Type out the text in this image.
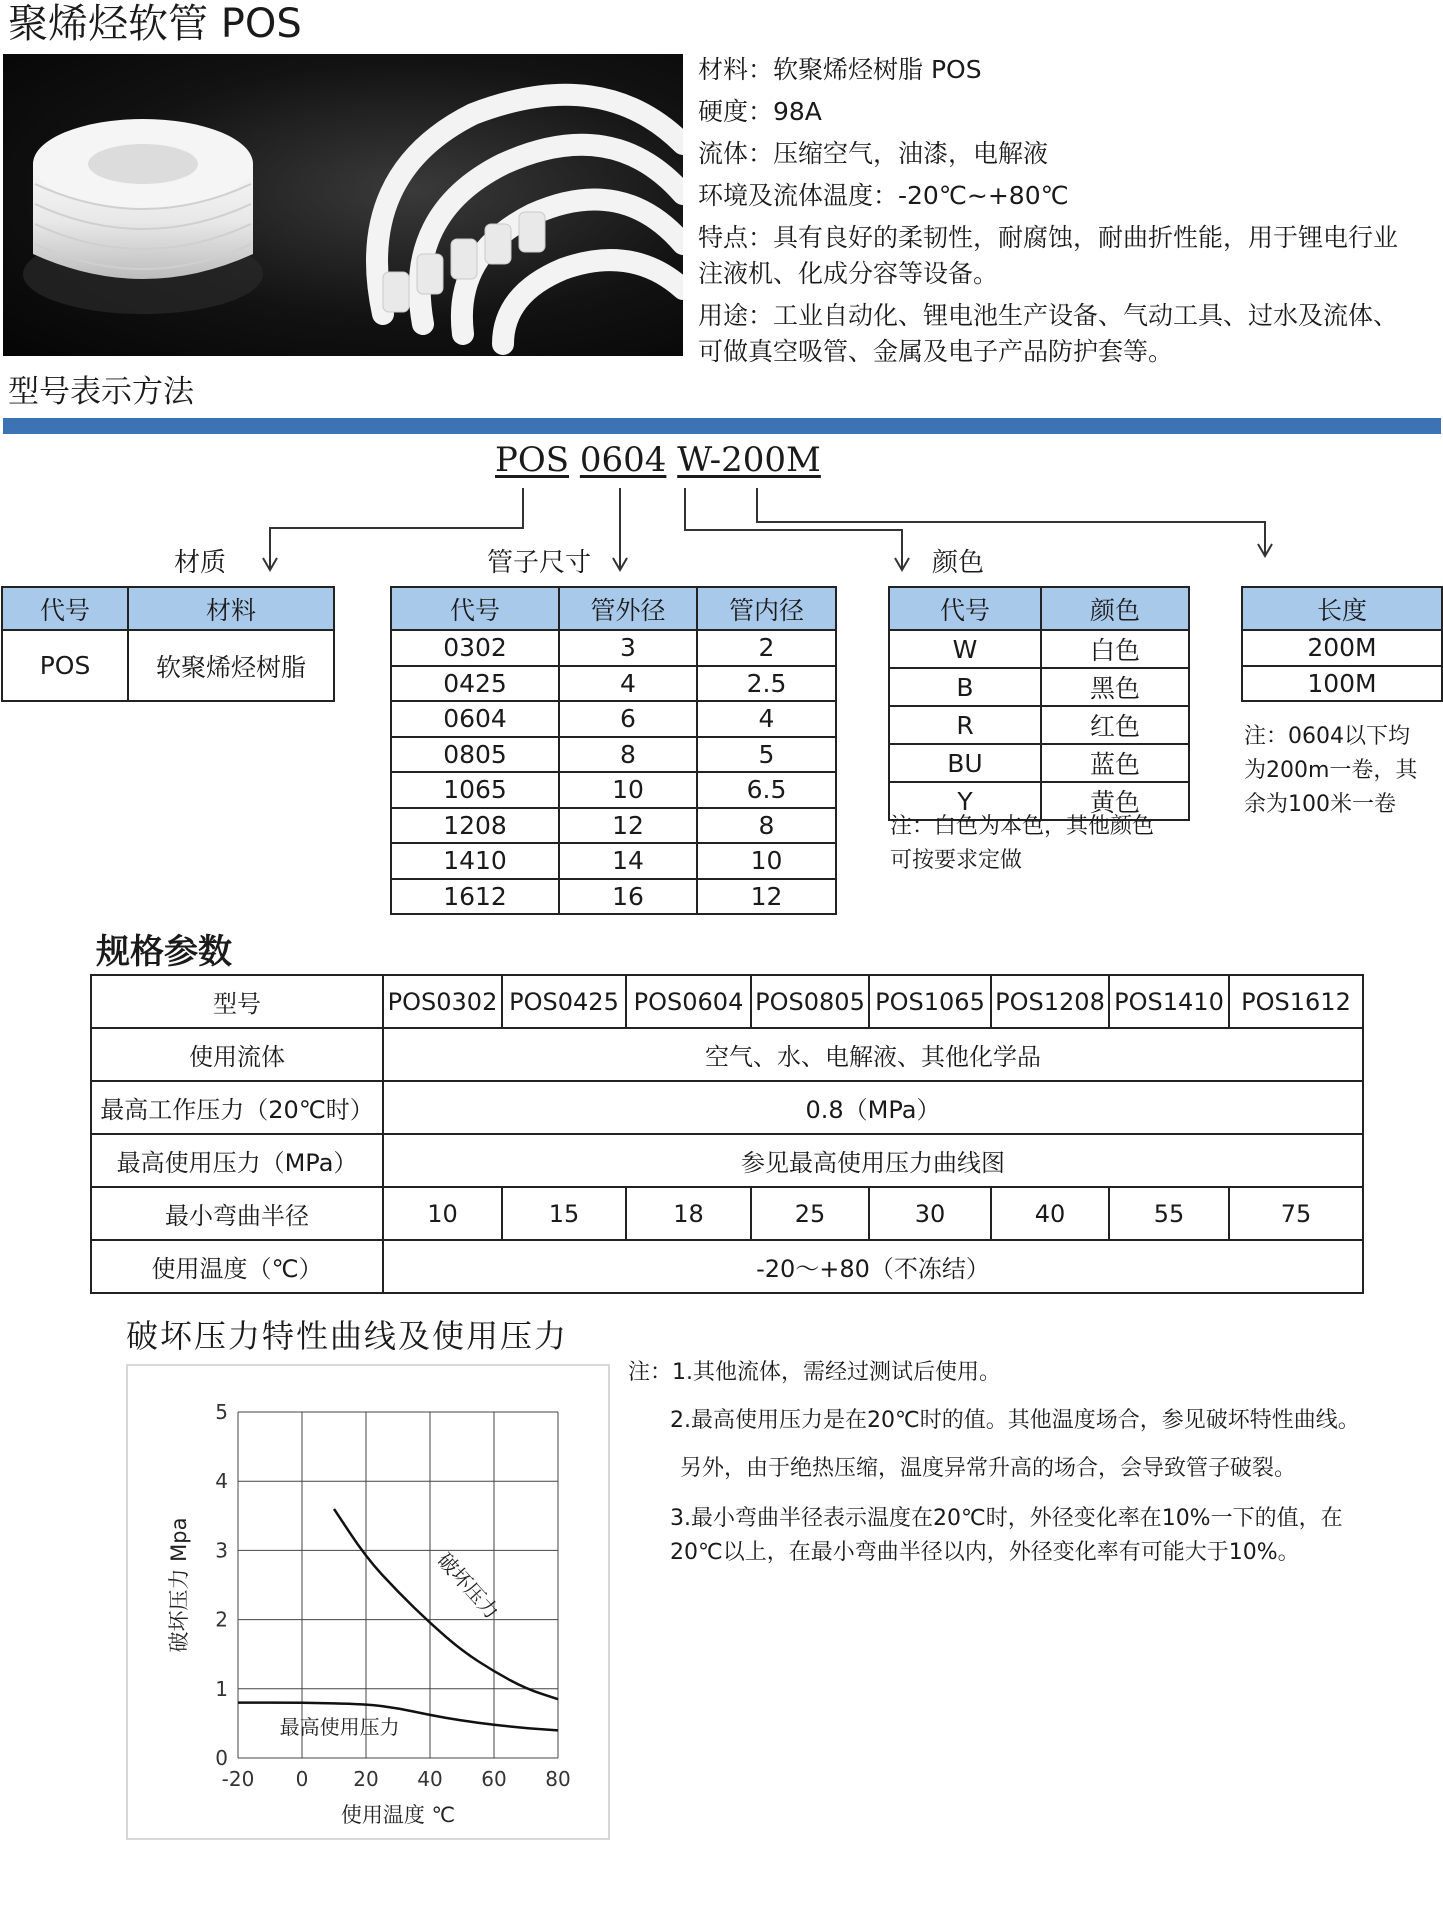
聚烯烃软管 POS
材料：软聚烯烃树脂 POS
硬度：98A
流体：压缩空气，油漆，电解液
环境及流体温度：-20℃~+80℃
特点：具有良好的柔韧性，耐腐蚀，耐曲折性能，用于锂电行业
注液机、化成分容等设备。
用途：工业自动化、锂电池生产设备、气动工具、过水及流体、
可做真空吸管、金属及电子产品防护套等。
型号表示方法
POS 0604 W-200M
材质	管子尺寸	颜色
代号	材料
POS	软聚烯烃树脂
代号	管外径	管内径
0302	3	2
0425	4	2.5
0604	6	4
0805	8	5
1065	10	6.5
1208	12	8
1410	14	10
1612	16	12
代号	颜色
W	白色
B	黑色
R	红色
BU	蓝色
Y	黄色
注：白色为本色，其他颜色
可按要求定做
长度
200M
100M
注：0604以下均
为200m一卷，其
余为100米一卷
规格参数
型号	POS0302	POS0425	POS0604	POS0805	POS1065	POS1208	POS1410	POS1612
使用流体	空气、水、电解液、其他化学品							
最高工作压力（20℃时）	0.8（MPa）							
最高使用压力（MPa）	参见最高使用压力曲线图							
最小弯曲半径	10	15	18	25	30	40	55	75
使用温度（℃）	-20～+80（不冻结）							
破坏压力特性曲线及使用压力
-20 0 20 40 60 80
0
1
2
3
4
5
破坏压力
最高使用压力
使用温度 ℃
破坏压力 Mpa
注：1.其他流体，需经过测试后使用。
2.最高使用压力是在20℃时的值。其他温度场合，参见破坏特性曲线。
另外，由于绝热压缩，温度异常升高的场合，会导致管子破裂。
3.最小弯曲半径表示温度在20℃时，外径变化率在10%一下的值，在
20℃以上，在最小弯曲半径以内，外径变化率有可能大于10%。
